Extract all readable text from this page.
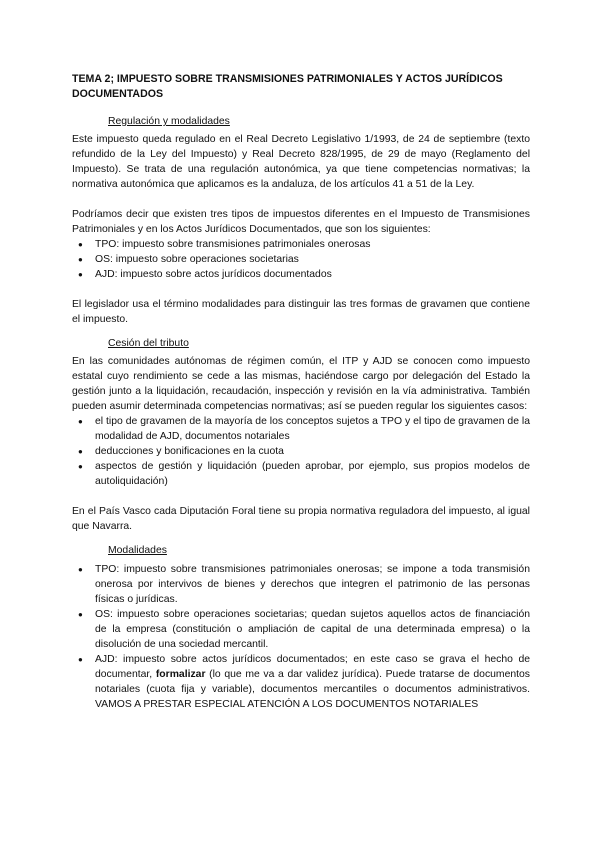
TEMA 2; IMPUESTO SOBRE TRANSMISIONES PATRIMONIALES Y ACTOS JURÍDICOS DOCUMENTADOS
Regulación y modalidades

Este impuesto queda regulado en el Real Decreto Legislativo 1/1993, de 24 de septiembre (texto refundido de la Ley del Impuesto) y Real Decreto 828/1995, de 29 de mayo (Reglamento del Impuesto). Se trata de una regulación autonómica, ya que tiene competencias normativas; la normativa autonómica que aplicamos es la andaluza, de los artículos 41 a 51 de la Ley.

Podríamos decir que existen tres tipos de impuestos diferentes en el Impuesto de Transmisiones Patrimoniales y en los Actos Jurídicos Documentados, que son los siguientes:

● TPO: impuesto sobre transmisiones patrimoniales onerosas
● OS: impuesto sobre operaciones societarias
● AJD: impuesto sobre actos jurídicos documentados

El legislador usa el término modalidades para distinguir las tres formas de gravamen que contiene el impuesto.

Cesión del tributo

En las comunidades autónomas de régimen común, el ITP y AJD se conocen como impuesto estatal cuyo rendimiento se cede a las mismas, haciéndose cargo por delegación del Estado la gestión junto a la liquidación, recaudación, inspección y revisión en la vía administrativa. También pueden asumir determinada competencias normativas; así se pueden regular los siguientes casos:

● el tipo de gravamen de la mayoría de los conceptos sujetos a TPO y el tipo de gravamen de la modalidad de AJD, documentos notariales
● deducciones y bonificaciones en la cuota
● aspectos de gestión y liquidación (pueden aprobar, por ejemplo, sus propios modelos de autoliquidación)

En el País Vasco cada Diputación Foral tiene su propia normativa reguladora del impuesto, al igual que Navarra.

Modalidades
● TPO: impuesto sobre transmisiones patrimoniales onerosas; se impone a toda transmisión onerosa por intervivos de bienes y derechos que integren el patrimonio de las personas físicas o jurídicas.
● OS: impuesto sobre operaciones societarias; quedan sujetos aquellos actos de financiación de la empresa (constitución o ampliación de capital de una determinada empresa) o la disolución de una sociedad mercantil.
● AJD: impuesto sobre actos jurídicos documentados; en este caso se grava el hecho de documentar, formalizar (lo que me va a dar validez jurídica). Puede tratarse de documentos notariales (cuota fija y variable), documentos mercantiles o documentos administrativos. VAMOS A PRESTAR ESPECIAL ATENCIÓN A LOS DOCUMENTOS NOTARIALES
